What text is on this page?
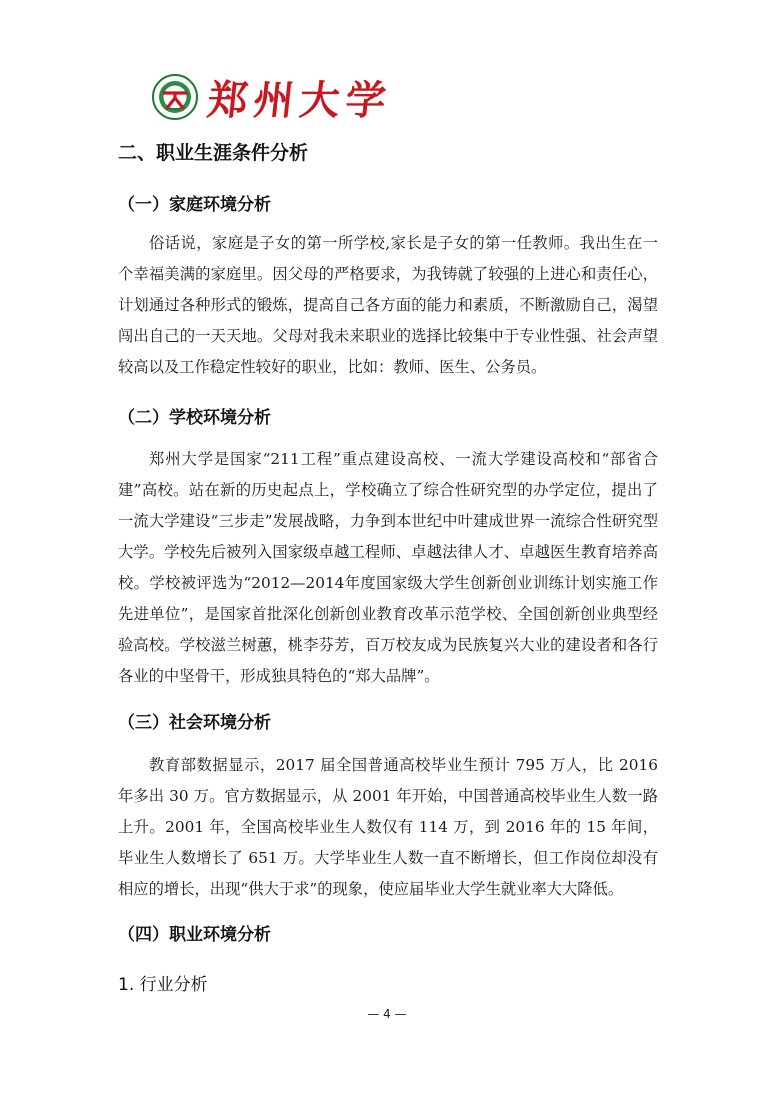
郑州大学
二、职业生涯条件分析
（一）家庭环境分析

俗话说，家庭是子女的第一所学校,家长是子女的第一任教师。我出生在一个幸福美满的家庭里。因父母的严格要求，为我铸就了较强的上进心和责任心，计划通过各种形式的锻炼，提高自己各方面的能力和素质，不断激励自己，渴望闯出自己的一天天地。父母对我未来职业的选择比较集中于专业性强、社会声望较高以及工作稳定性较好的职业，比如：教师、医生、公务员。

（二）学校环境分析

郑州大学是国家“211工程”重点建设高校、一流大学建设高校和“部省合建”高校。站在新的历史起点上，学校确立了综合性研究型的办学定位，提出了一流大学建设“三步走”发展战略，力争到本世纪中叶建成世界一流综合性研究型大学。学校先后被列入国家级卓越工程师、卓越法律人才、卓越医生教育培养高校。学校被评选为“2012—2014年度国家级大学生创新创业训练计划实施工作先进单位”，是国家首批深化创新创业教育改革示范学校、全国创新创业典型经验高校。学校滋兰树蕙，桃李芬芳，百万校友成为民族复兴大业的建设者和各行各业的中坚骨干，形成独具特色的“郑大品牌”。

（三）社会环境分析

教育部数据显示，2017 届全国普通高校毕业生预计 795 万人，比 2016 年多出 30 万。官方数据显示，从 2001 年开始，中国普通高校毕业生人数一路上升。2001 年，全国高校毕业生人数仅有 114 万，到 2016 年的 15 年间，毕业生人数增长了 651 万。大学毕业生人数一直不断增长，但工作岗位却没有相应的增长，出现“供大于求”的现象，使应届毕业大学生就业率大大降低。

（四）职业环境分析

1. 行业分析

— 4 —
